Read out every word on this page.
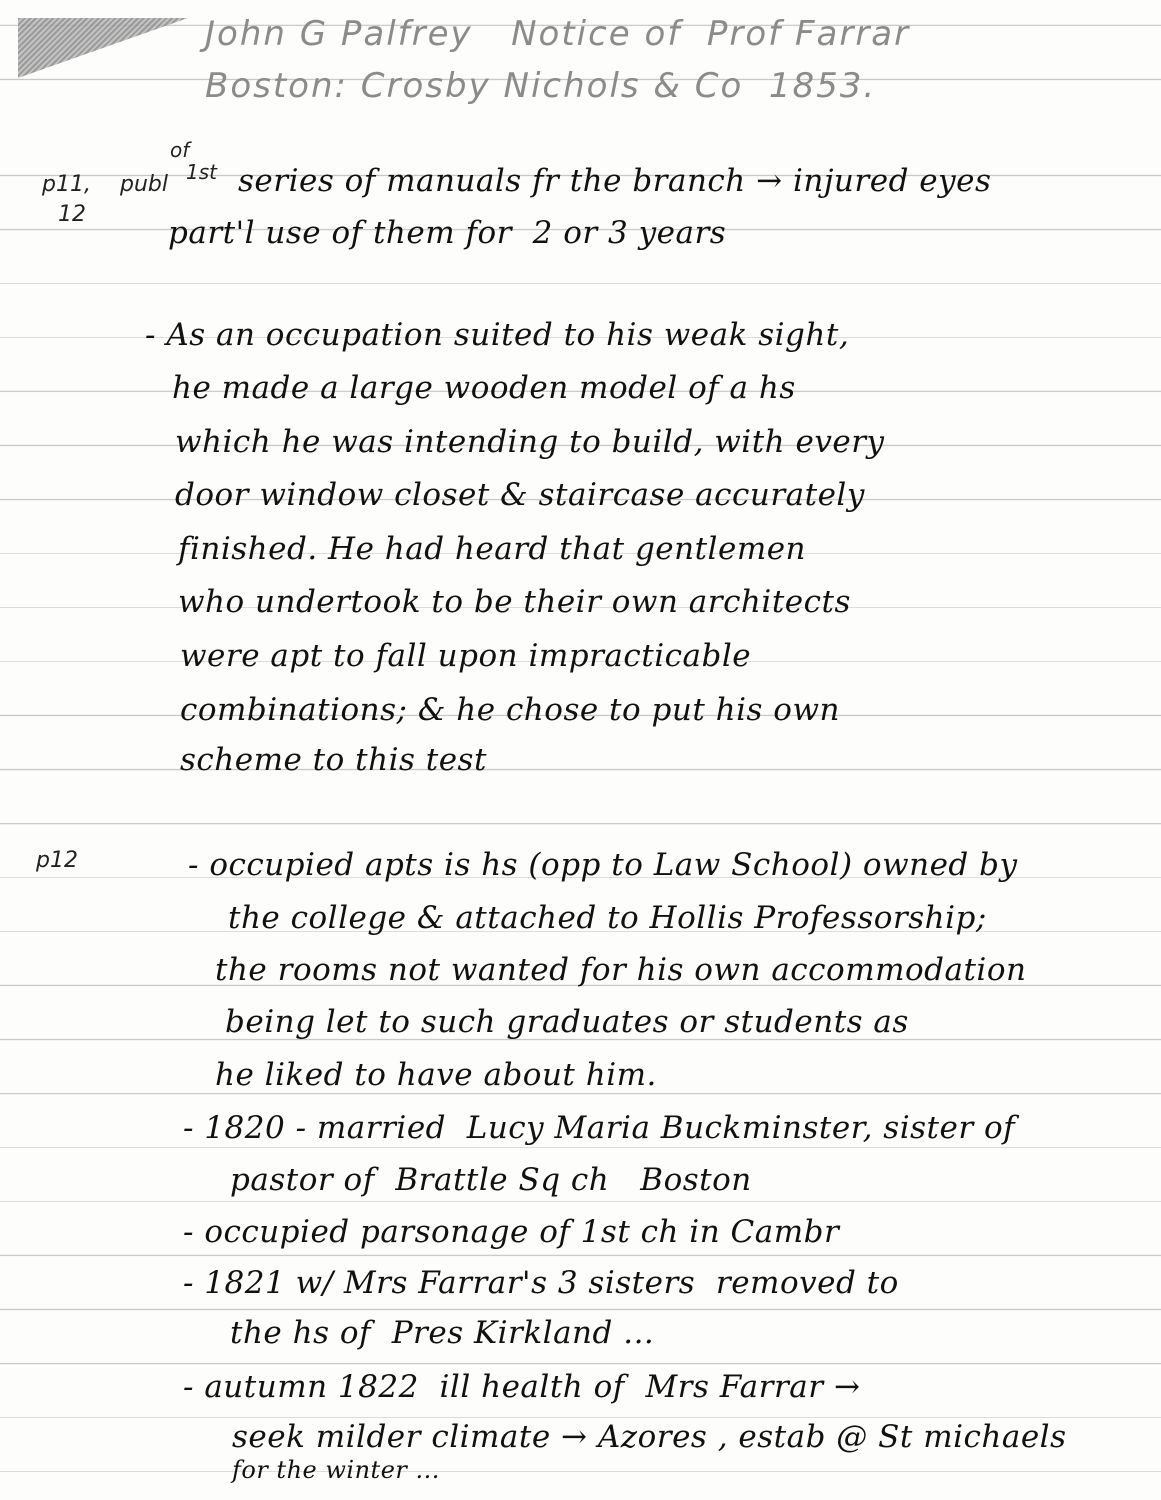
John G Palfrey   Notice of  Prof Farrar
Boston: Crosby Nichols & Co  1853.
p11,
12
publ
of
1st series of manuals fr the branch → injured eyes
part'l use of them for  2 or 3 years
- As an occupation suited to his weak sight,
he made a large wooden model of a hs
which he was intending to build, with every
door window closet & staircase accurately
finished. He had heard that gentlemen
who undertook to be their own architects
were apt to fall upon impracticable
combinations; & he chose to put his own
scheme to this test
p12	- occupied apts is hs (opp to Law School) owned by
the college & attached to Hollis Professorship;
the rooms not wanted for his own accommodation
being let to such graduates or students as
he liked to have about him.
- 1820 - married  Lucy Maria Buckminster, sister of
pastor of  Brattle Sq ch   Boston
- occupied parsonage of 1st ch in Cambr
- 1821 w/ Mrs Farrar's 3 sisters  removed to
the hs of  Pres Kirkland ...
- autumn 1822  ill health of  Mrs Farrar →
seek milder climate → Azores , estab @ St michaels
for the winter ...
